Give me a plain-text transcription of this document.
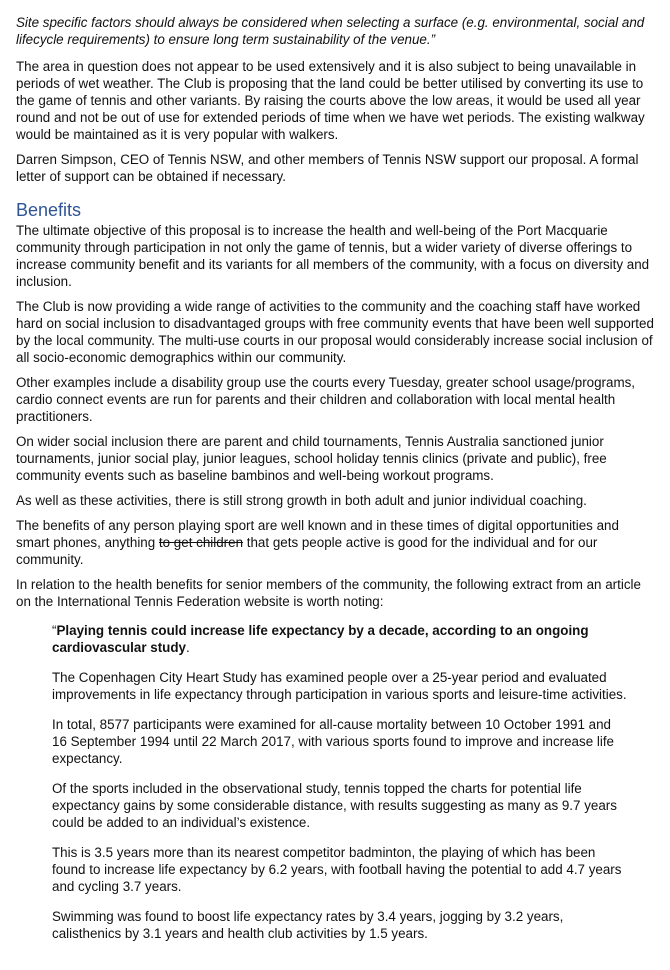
Site specific factors should always be considered when selecting a surface (e.g. environmental, social and lifecycle requirements) to ensure long term sustainability of the venue.”

The area in question does not appear to be used extensively and it is also subject to being unavailable in periods of wet weather. The Club is proposing that the land could be better utilised by converting its use to the game of tennis and other variants. By raising the courts above the low areas, it would be used all year round and not be out of use for extended periods of time when we have wet periods. The existing walkway would be maintained as it is very popular with walkers.

Darren Simpson, CEO of Tennis NSW, and other members of Tennis NSW support our proposal. A formal letter of support can be obtained if necessary.

Benefits

The ultimate objective of this proposal is to increase the health and well-being of the Port Macquarie community through participation in not only the game of tennis, but a wider variety of diverse offerings to increase community benefit and its variants for all members of the community, with a focus on diversity and inclusion.

The Club is now providing a wide range of activities to the community and the coaching staff have worked hard on social inclusion to disadvantaged groups with free community events that have been well supported by the local community. The multi-use courts in our proposal would considerably increase social inclusion of all socio-economic demographics within our community.

Other examples include a disability group use the courts every Tuesday, greater school usage/programs, cardio connect events are run for parents and their children and collaboration with local mental health practitioners.

On wider social inclusion there are parent and child tournaments, Tennis Australia sanctioned junior tournaments, junior social play, junior leagues, school holiday tennis clinics (private and public), free community events such as baseline bambinos and well-being workout programs.

As well as these activities, there is still strong growth in both adult and junior individual coaching.

The benefits of any person playing sport are well known and in these times of digital opportunities and smart phones, anything to get children that gets people active is good for the individual and for our community.

In relation to the health benefits for senior members of the community, the following extract from an article on the International Tennis Federation website is worth noting:

“Playing tennis could increase life expectancy by a decade, according to an ongoing cardiovascular study.

The Copenhagen City Heart Study has examined people over a 25-year period and evaluated improvements in life expectancy through participation in various sports and leisure-time activities.

In total, 8577 participants were examined for all-cause mortality between 10 October 1991 and 16 September 1994 until 22 March 2017, with various sports found to improve and increase life expectancy.

Of the sports included in the observational study, tennis topped the charts for potential life expectancy gains by some considerable distance, with results suggesting as many as 9.7 years could be added to an individual’s existence.

This is 3.5 years more than its nearest competitor badminton, the playing of which has been found to increase life expectancy by 6.2 years, with football having the potential to add 4.7 years and cycling 3.7 years.

Swimming was found to boost life expectancy rates by 3.4 years, jogging by 3.2 years, calisthenics by 3.1 years and health club activities by 1.5 years.
